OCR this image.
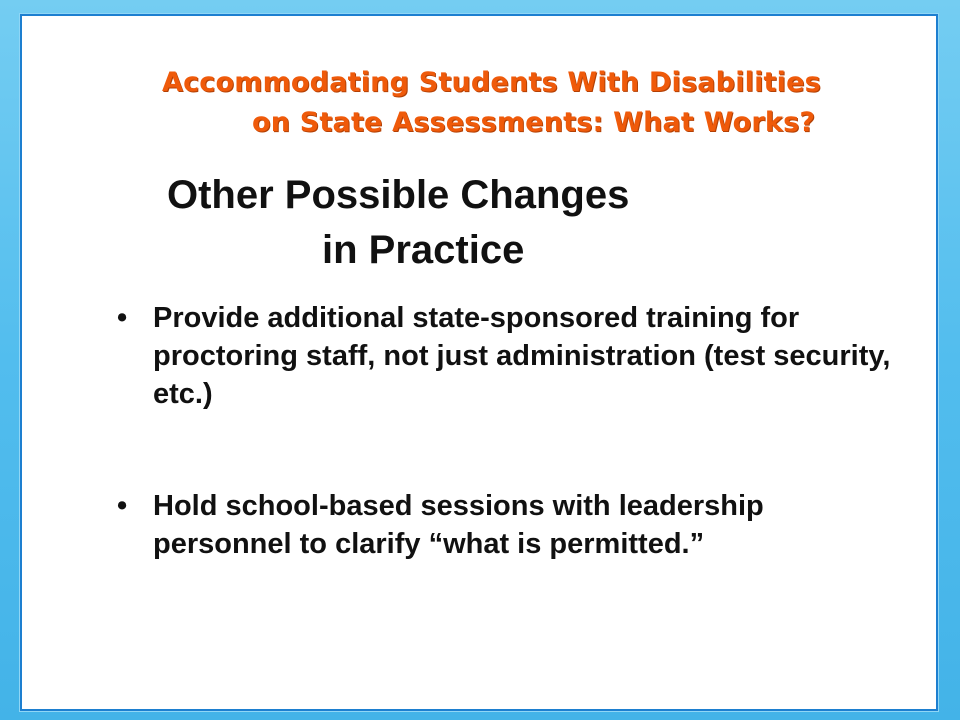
Accommodating Students With Disabilities
on State Assessments: What Works?
Other Possible Changes
in Practice
• Provide additional state-sponsored training for proctoring staff, not just administration (test security, etc.)
• Hold school-based sessions with leadership personnel to clarify “what is permitted.”
